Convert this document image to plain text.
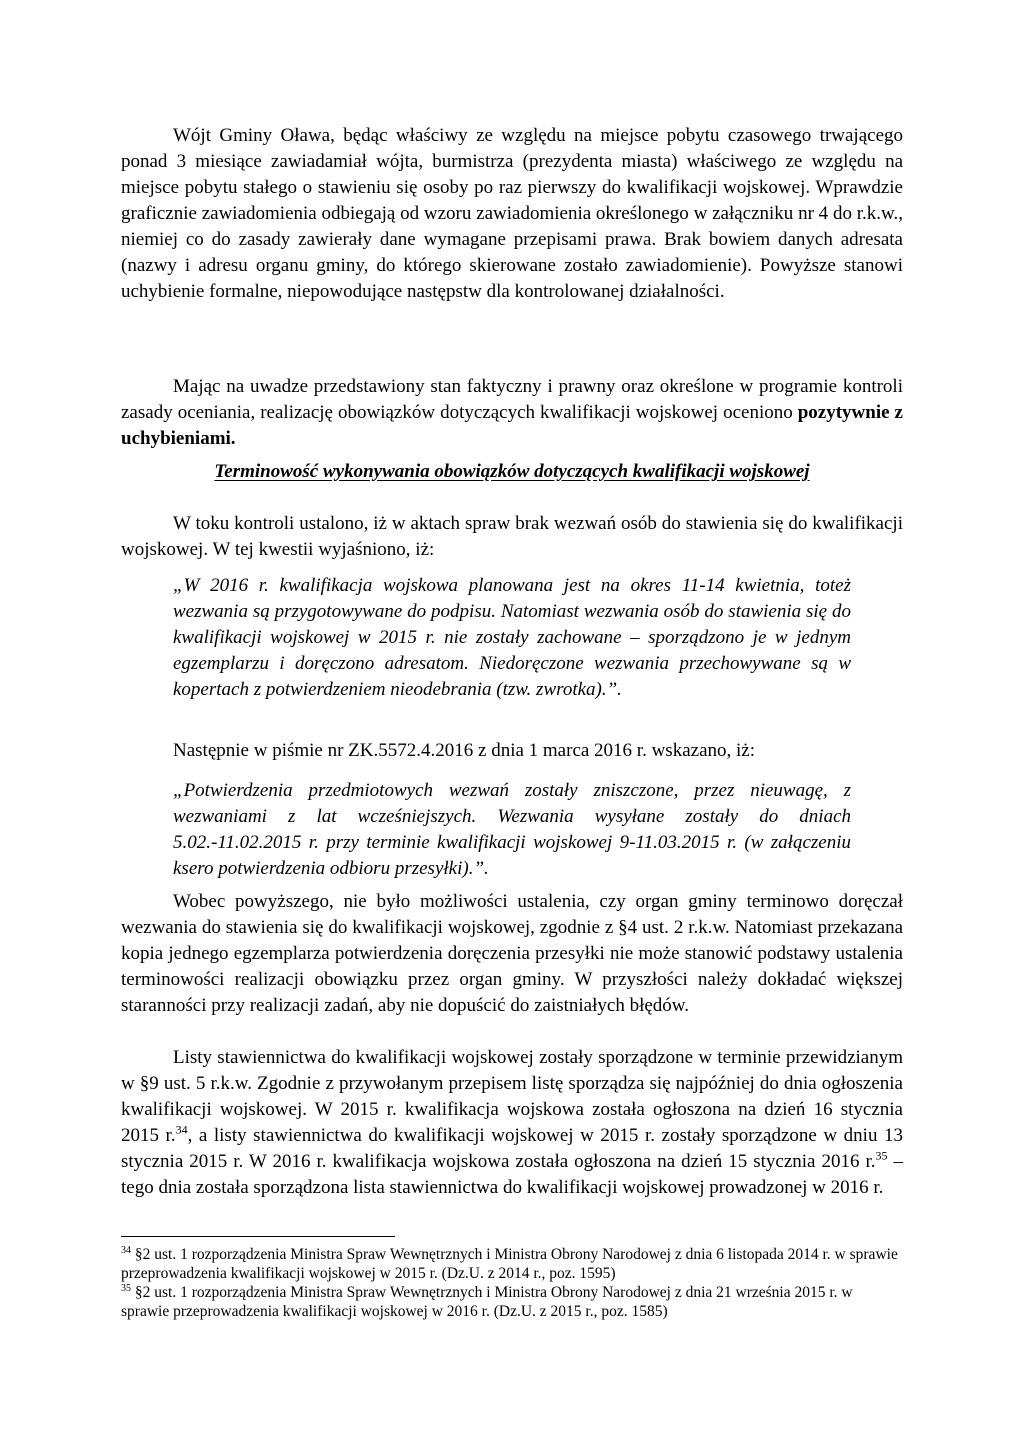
Wójt Gminy Oława, będąc właściwy ze względu na miejsce pobytu czasowego trwającego ponad 3 miesiące zawiadamiał wójta, burmistrza (prezydenta miasta) właściwego ze względu na miejsce pobytu stałego o stawieniu się osoby po raz pierwszy do kwalifikacji wojskowej. Wprawdzie graficznie zawiadomienia odbiegają od wzoru zawiadomienia określonego w załączniku nr 4 do r.k.w., niemiej co do zasady zawierały dane wymagane przepisami prawa. Brak bowiem danych adresata (nazwy i adresu organu gminy, do którego skierowane zostało zawiadomienie). Powyższe stanowi uchybienie formalne, niepowodujące następstw dla kontrolowanej działalności.

Mając na uwadze przedstawiony stan faktyczny i prawny oraz określone w programie kontroli zasady oceniania, realizację obowiązków dotyczących kwalifikacji wojskowej oceniono pozytywnie z uchybieniami.

Terminowość wykonywania obowiązków dotyczących kwalifikacji wojskowej

W toku kontroli ustalono, iż w aktach spraw brak wezwań osób do stawienia się do kwalifikacji wojskowej. W tej kwestii wyjaśniono, iż:

„W 2016 r. kwalifikacja wojskowa planowana jest na okres 11-14 kwietnia, toteż wezwania są przygotowywane do podpisu. Natomiast wezwania osób do stawienia się do kwalifikacji wojskowej w 2015 r. nie zostały zachowane – sporządzono je w jednym egzemplarzu i doręczono adresatom. Niedoręczone wezwania przechowywane są w kopertach z potwierdzeniem nieodebrania (tzw. zwrotka).”.

Następnie w piśmie nr ZK.5572.4.2016 z dnia 1 marca 2016 r. wskazano, iż:

„Potwierdzenia przedmiotowych wezwań zostały zniszczone, przez nieuwagę, z wezwaniami z lat wcześniejszych. Wezwania wysyłane zostały do dniach 5.02.-11.02.2015 r. przy terminie kwalifikacji wojskowej 9-11.03.2015 r. (w załączeniu ksero potwierdzenia odbioru przesyłki).”.

Wobec powyższego, nie było możliwości ustalenia, czy organ gminy terminowo doręczał wezwania do stawienia się do kwalifikacji wojskowej, zgodnie z §4 ust. 2 r.k.w. Natomiast przekazana kopia jednego egzemplarza potwierdzenia doręczenia przesyłki nie może stanowić podstawy ustalenia terminowości realizacji obowiązku przez organ gminy. W przyszłości należy dokładać większej staranności przy realizacji zadań, aby nie dopuścić do zaistniałych błędów.

Listy stawiennictwa do kwalifikacji wojskowej zostały sporządzone w terminie przewidzianym w §9 ust. 5 r.k.w. Zgodnie z przywołanym przepisem listę sporządza się najpóźniej do dnia ogłoszenia kwalifikacji wojskowej. W 2015 r. kwalifikacja wojskowa została ogłoszona na dzień 16 stycznia 2015 r.$^{34}$, a listy stawiennictwa do kwalifikacji wojskowej w 2015 r. zostały sporządzone w dniu 13 stycznia 2015 r. W 2016 r. kwalifikacja wojskowa została ogłoszona na dzień 15 stycznia 2016 r.$^{35}$ – tego dnia została sporządzona lista stawiennictwa do kwalifikacji wojskowej prowadzonej w 2016 r.

$^{34}$ §2 ust. 1 rozporządzenia Ministra Spraw Wewnętrznych i Ministra Obrony Narodowej z dnia 6 listopada 2014 r. w sprawie przeprowadzenia kwalifikacji wojskowej w 2015 r. (Dz.U. z 2014 r., poz. 1595)

$^{35}$ §2 ust. 1 rozporządzenia Ministra Spraw Wewnętrznych i Ministra Obrony Narodowej z dnia 21 września 2015 r. w sprawie przeprowadzenia kwalifikacji wojskowej w 2016 r. (Dz.U. z 2015 r., poz. 1585)
